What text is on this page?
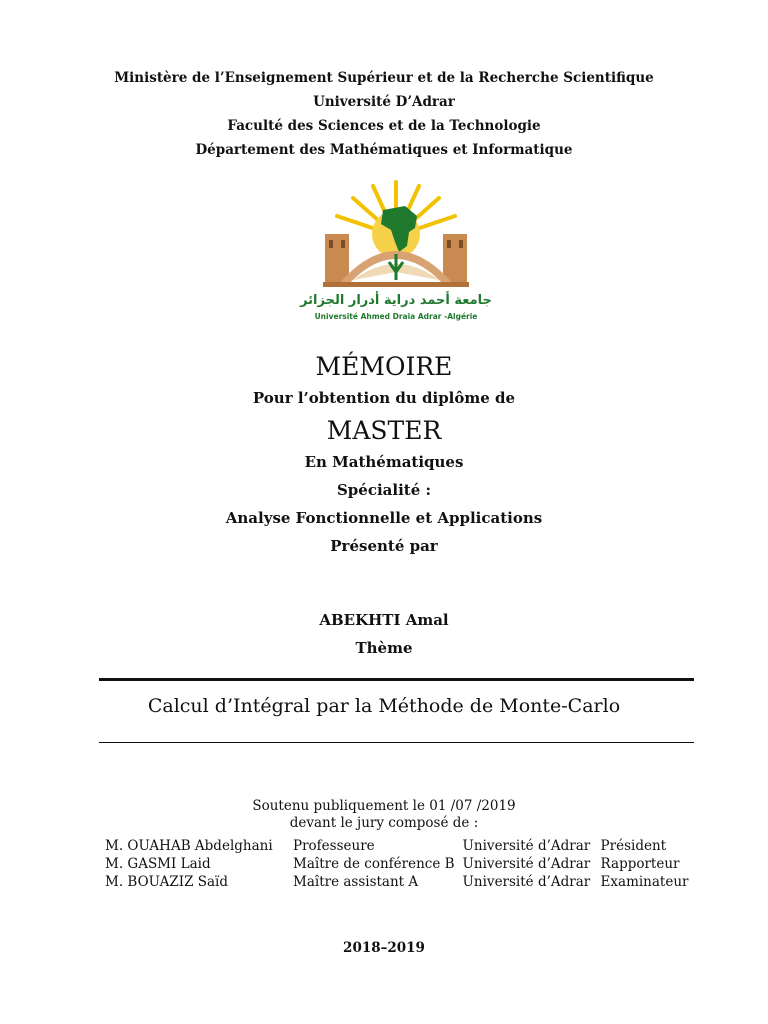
Ministère de l’Enseignement Supérieur et de la Recherche Scientifique
Université D’Adrar
Faculté des Sciences et de la Technologie
Département des Mathématiques et Informatique
جامعة أحمد دراية أدرار الجزائر
Université Ahmed Draia Adrar -Algérie
MÉMOIRE
Pour l’obtention du diplôme de
MASTER
En Mathématiques
Spécialité :
Analyse Fonctionnelle et Applications
Présenté par
ABEKHTI Amal
Thème
Calcul d’Intégral par la Méthode de Monte-Carlo
Soutenu publiquement le 01 /07 /2019
devant le jury composé de :
M. OUAHAB Abdelghani	Professeure	Université d’Adrar	Président
M. GASMI Laid	Maître de conférence B	Université d’Adrar	Rapporteur
M. BOUAZIZ Saïd	Maître assistant A	Université d’Adrar	Examinateur
2018–2019
